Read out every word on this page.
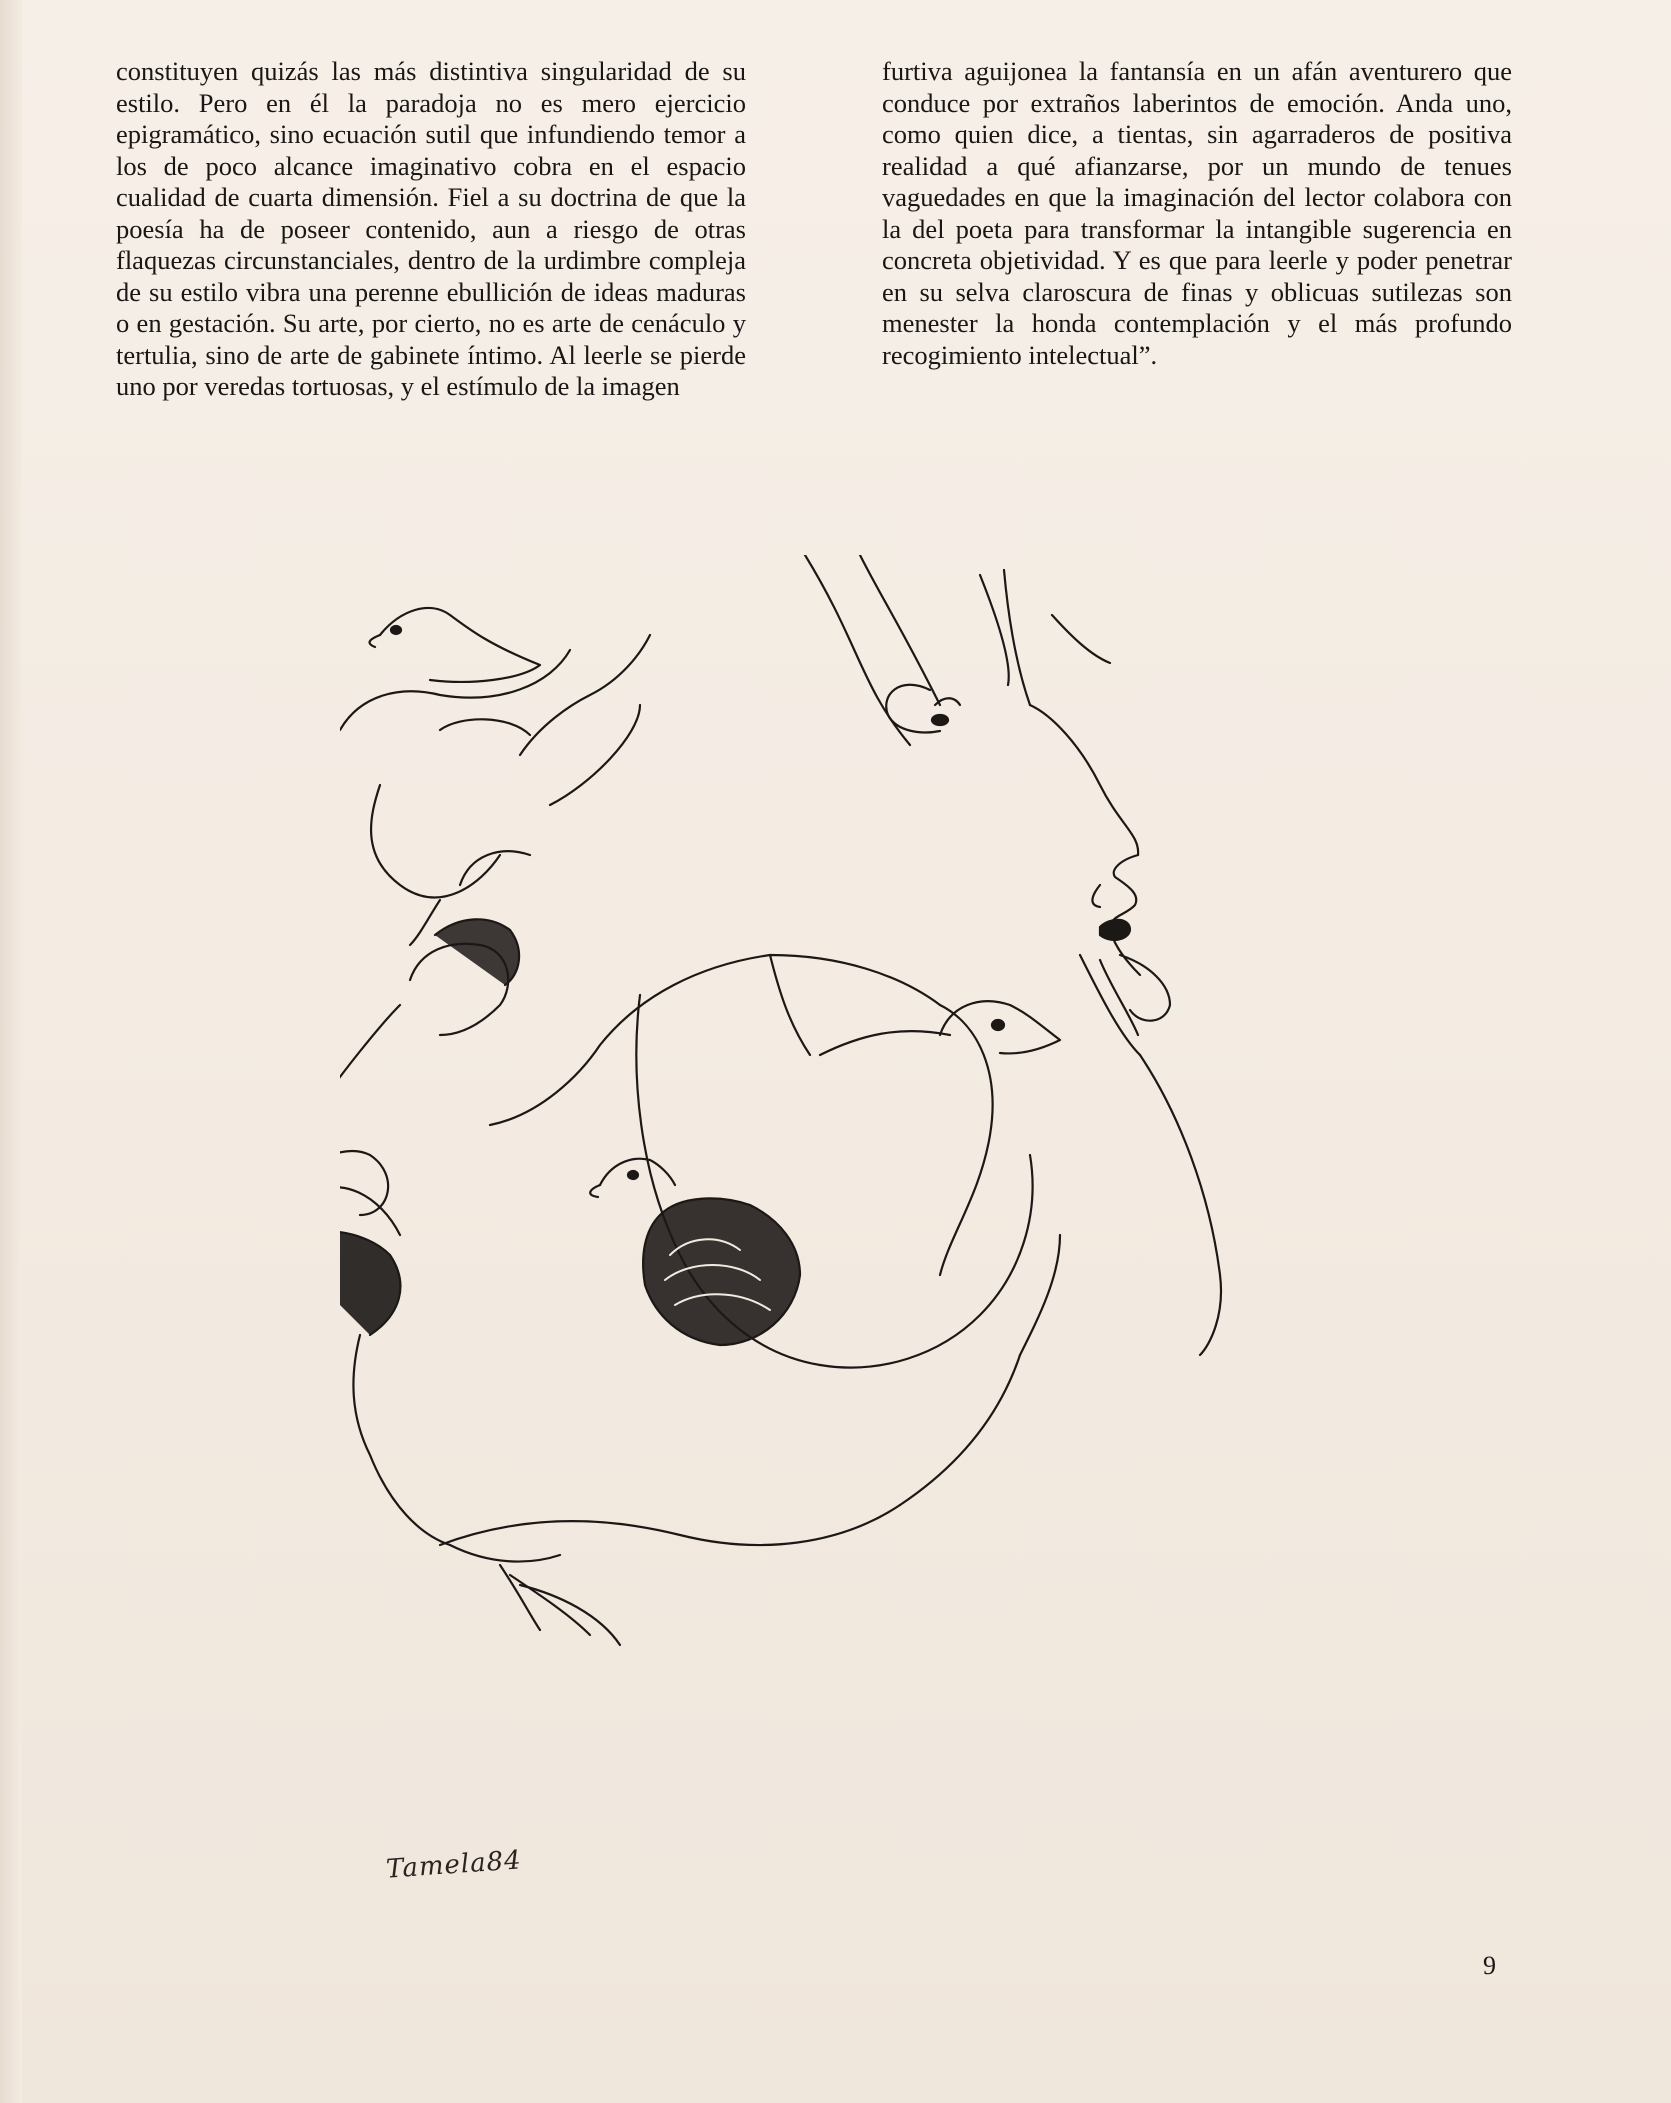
constituyen quizás las más distintiva singularidad de su estilo. Pero en él la paradoja no es mero ejercicio epigramático, sino ecuación sutil que infundiendo temor a los de poco alcance imaginativo cobra en el espacio cualidad de cuarta dimensión. Fiel a su doctrina de que la poesía ha de poseer contenido, aun a riesgo de otras flaquezas circunstanciales, dentro de la urdimbre compleja de su estilo vibra una perenne ebullición de ideas maduras o en gestación. Su arte, por cierto, no es arte de cenáculo y tertulia, sino de arte de gabinete íntimo. Al leerle se pierde uno por veredas tortuosas, y el estímulo de la imagen

furtiva aguijonea la fantansía en un afán aventurero que conduce por extraños laberintos de emoción. Anda uno, como quien dice, a tientas, sin agarraderos de positiva realidad a qué afianzarse, por un mundo de tenues vaguedades en que la imaginación del lector colabora con la del poeta para transformar la intangible sugerencia en concreta objetividad. Y es que para leerle y poder penetrar en su selva claroscura de finas y oblicuas sutilezas son menester la honda contemplación y el más profundo recogimiento intelectual”.

Tamela84
9
